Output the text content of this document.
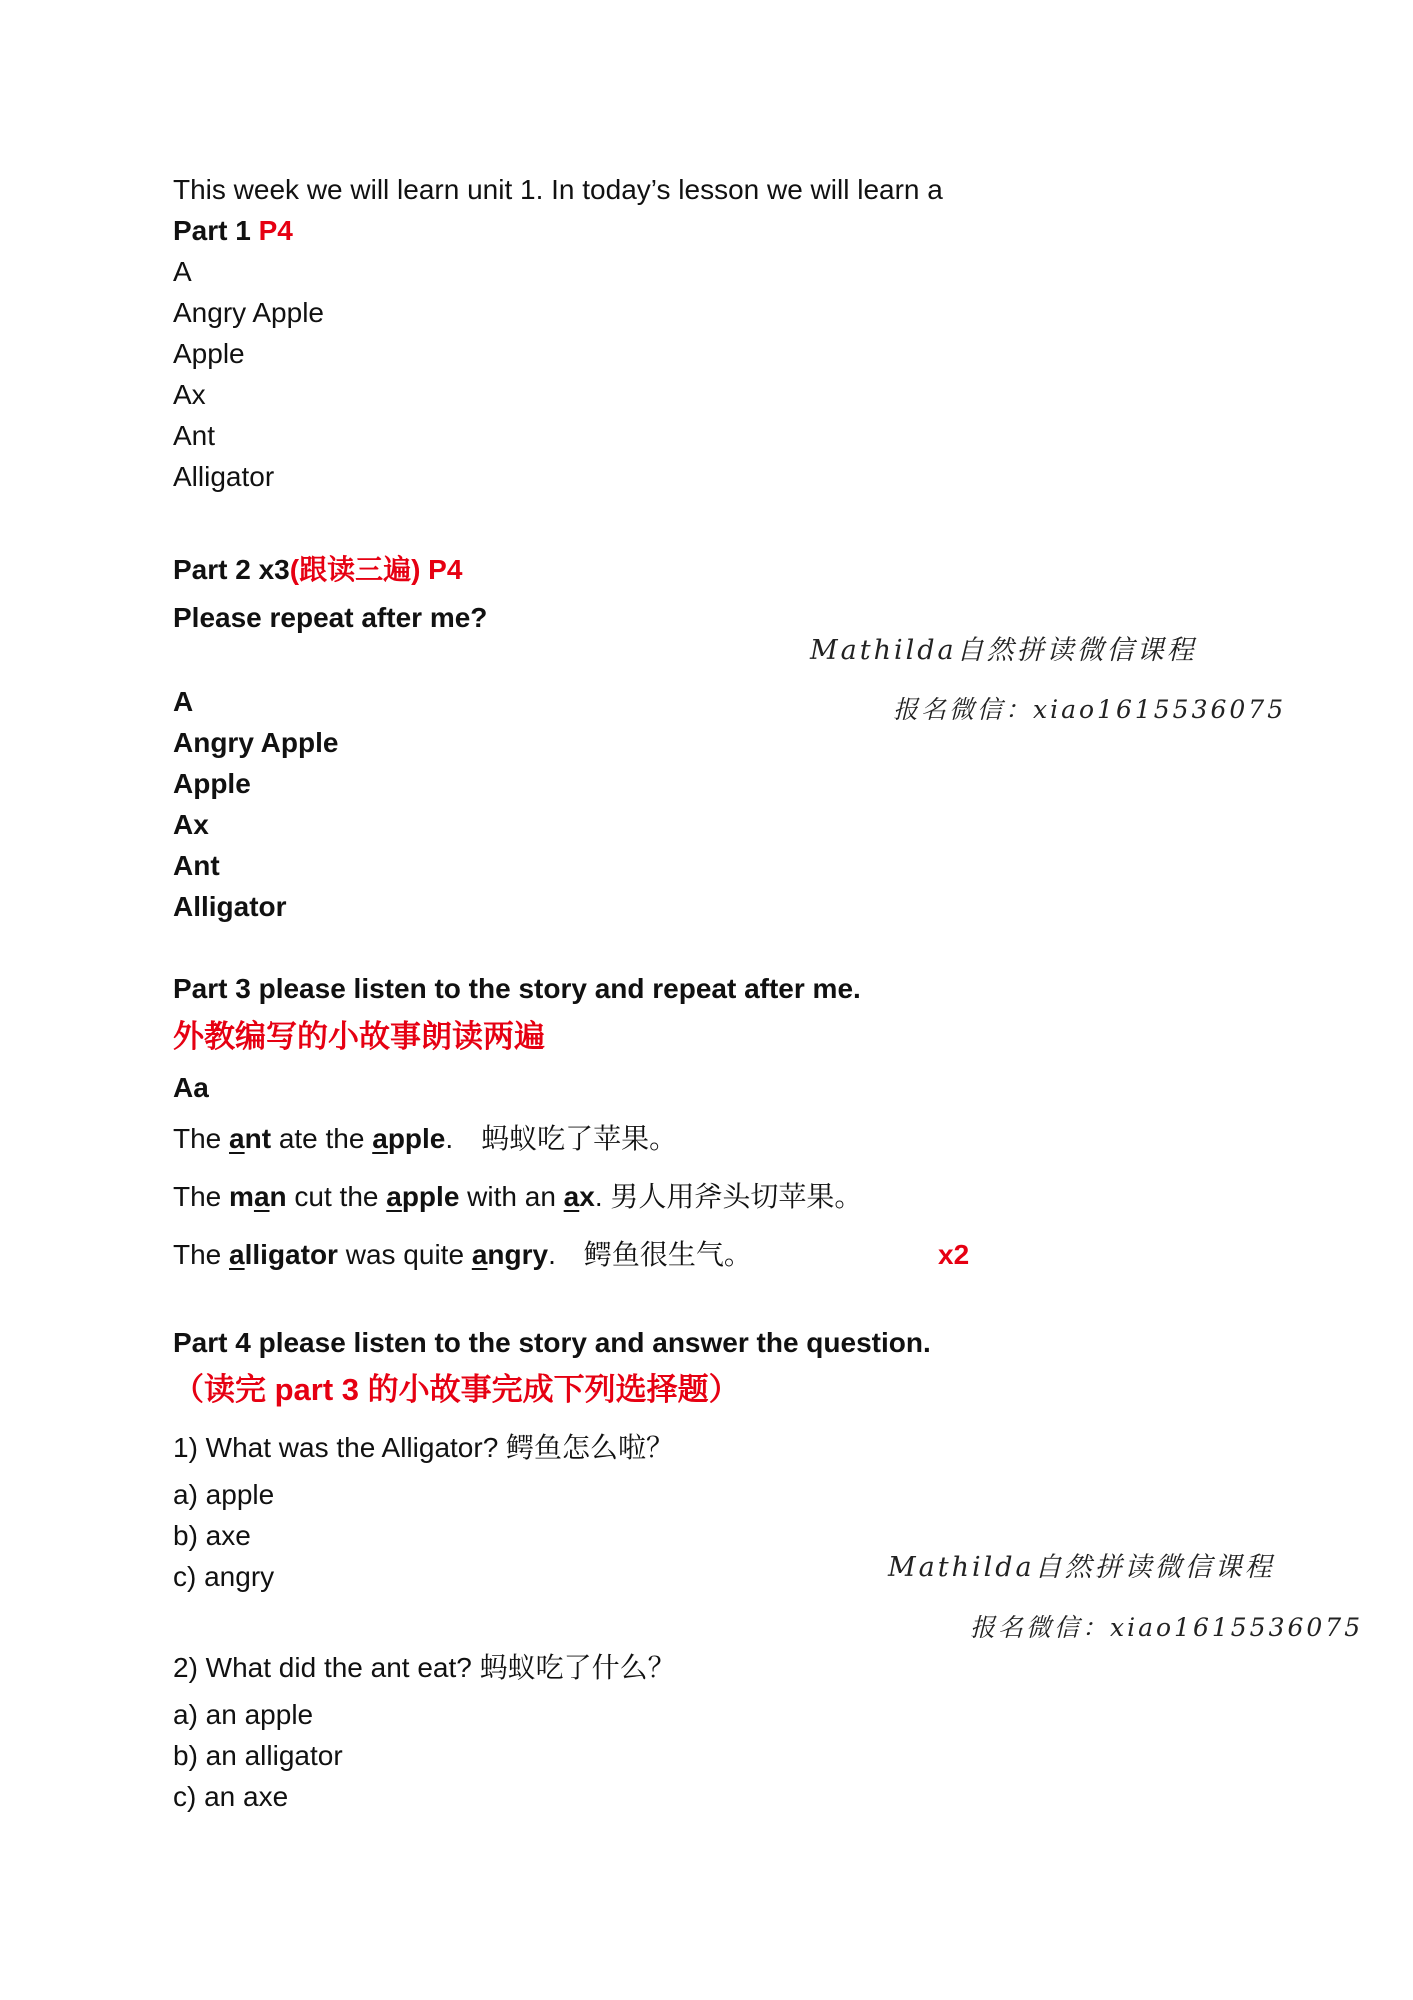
This week we will learn unit 1. In today’s lesson we will learn a
Part 1 P4
A
Angry Apple
Apple
Ax
Ant
Alligator
Part 2 x3(跟读三遍) P4
Please repeat after me?
A
Angry Apple
Apple
Ax
Ant
Alligator
Part 3 please listen to the story and repeat after me.
外教编写的小故事朗读两遍
Aa
The ant ate the apple. 蚂蚁吃了苹果。
The man cut the apple with an ax. 男人用斧头切苹果。
The alligator was quite angry. 鳄鱼很生气。	x2
Part 4 please listen to the story and answer the question.
（读完 part 3 的小故事完成下列选择题）
1) What was the Alligator? 鳄鱼怎么啦？
a) apple
b) axe
c) angry
2) What did the ant eat? 蚂蚁吃了什么？
a) an apple
b) an alligator
c) an axe
Mathilda自然拼读微信课程
报名微信：xiao1615536075
Mathilda自然拼读微信课程
报名微信：xiao1615536075
